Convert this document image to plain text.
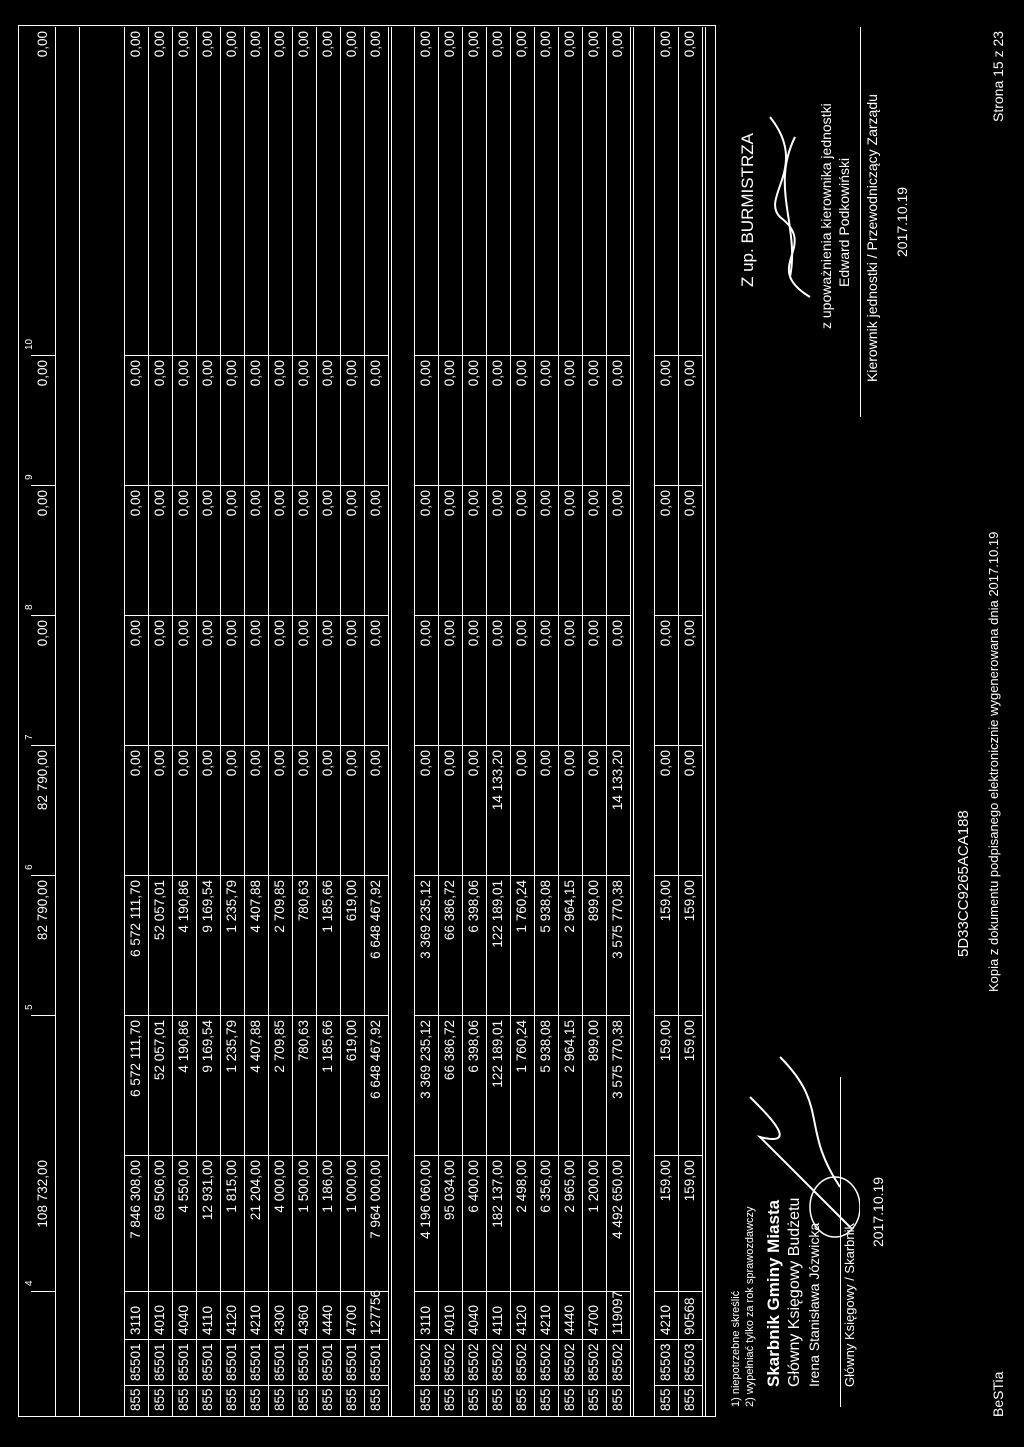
4
5
6
7
8
9
10
108 732,00
82 790,00
82 790,00
0,00
0,00
0,00
0,00
855
85501
3110
7 846 308,00
6 572 111,70
6 572 111,70
0,00
0,00
0,00
0,00
0,00
855
85501
4010
69 506,00
52 057,01
52 057,01
0,00
0,00
0,00
0,00
0,00
855
85501
4040
4 550,00
4 190,86
4 190,86
0,00
0,00
0,00
0,00
0,00
855
85501
4110
12 931,00
9 169,54
9 169,54
0,00
0,00
0,00
0,00
0,00
855
85501
4120
1 815,00
1 235,79
1 235,79
0,00
0,00
0,00
0,00
0,00
855
85501
4210
21 204,00
4 407,88
4 407,88
0,00
0,00
0,00
0,00
0,00
855
85501
4300
4 000,00
2 709,85
2 709,85
0,00
0,00
0,00
0,00
0,00
855
85501
4360
1 500,00
780,63
780,63
0,00
0,00
0,00
0,00
0,00
855
85501
4440
1 186,00
1 185,66
1 185,66
0,00
0,00
0,00
0,00
0,00
855
85501
4700
1 000,00
619,00
619,00
0,00
0,00
0,00
0,00
0,00
855
85501
127756
7 964 000,00
6 648 467,92
6 648 467,92
0,00
0,00
0,00
0,00
0,00
855
85502
3110
4 196 060,00
3 369 235,12
3 369 235,12
0,00
0,00
0,00
0,00
0,00
855
85502
4010
95 034,00
66 386,72
66 386,72
0,00
0,00
0,00
0,00
0,00
855
85502
4040
6 400,00
6 398,06
6 398,06
0,00
0,00
0,00
0,00
0,00
855
85502
4110
182 137,00
122 189,01
122 189,01
14 133,20
0,00
0,00
0,00
0,00
855
85502
4120
2 498,00
1 760,24
1 760,24
0,00
0,00
0,00
0,00
0,00
855
85502
4210
6 356,00
5 938,08
5 938,08
0,00
0,00
0,00
0,00
0,00
855
85502
4440
2 965,00
2 964,15
2 964,15
0,00
0,00
0,00
0,00
0,00
855
85502
4700
1 200,00
899,00
899,00
0,00
0,00
0,00
0,00
0,00
855
85502
119097
4 492 650,00
3 575 770,38
3 575 770,38
14 133,20
0,00
0,00
0,00
0,00
855
85503
4210
159,00
159,00
159,00
0,00
0,00
0,00
0,00
0,00
855
85503
90568
159,00
159,00
159,00
0,00
0,00
0,00
0,00
0,00
1) niepotrzebne skreślić 2) wypełniać tylko za rok sprawozdawczy Skarbnik Gminy Miasta Główny Księgowy Budżetu Irena Stanisława Józwicka Główny Księgowy / Skarbnik
2017.10.19
Z up. BURMISTRZA	z upoważnienia kierownika jednostki Edward Podkowiński Kierownik jednostki / Przewodniczący Zarządu 2017.10.19
BeSTia
5D33CC9265ACA188 Kopia z dokumentu podpisanego elektronicznie wygenerowana dnia 2017.10.19
Strona 15 z 23
